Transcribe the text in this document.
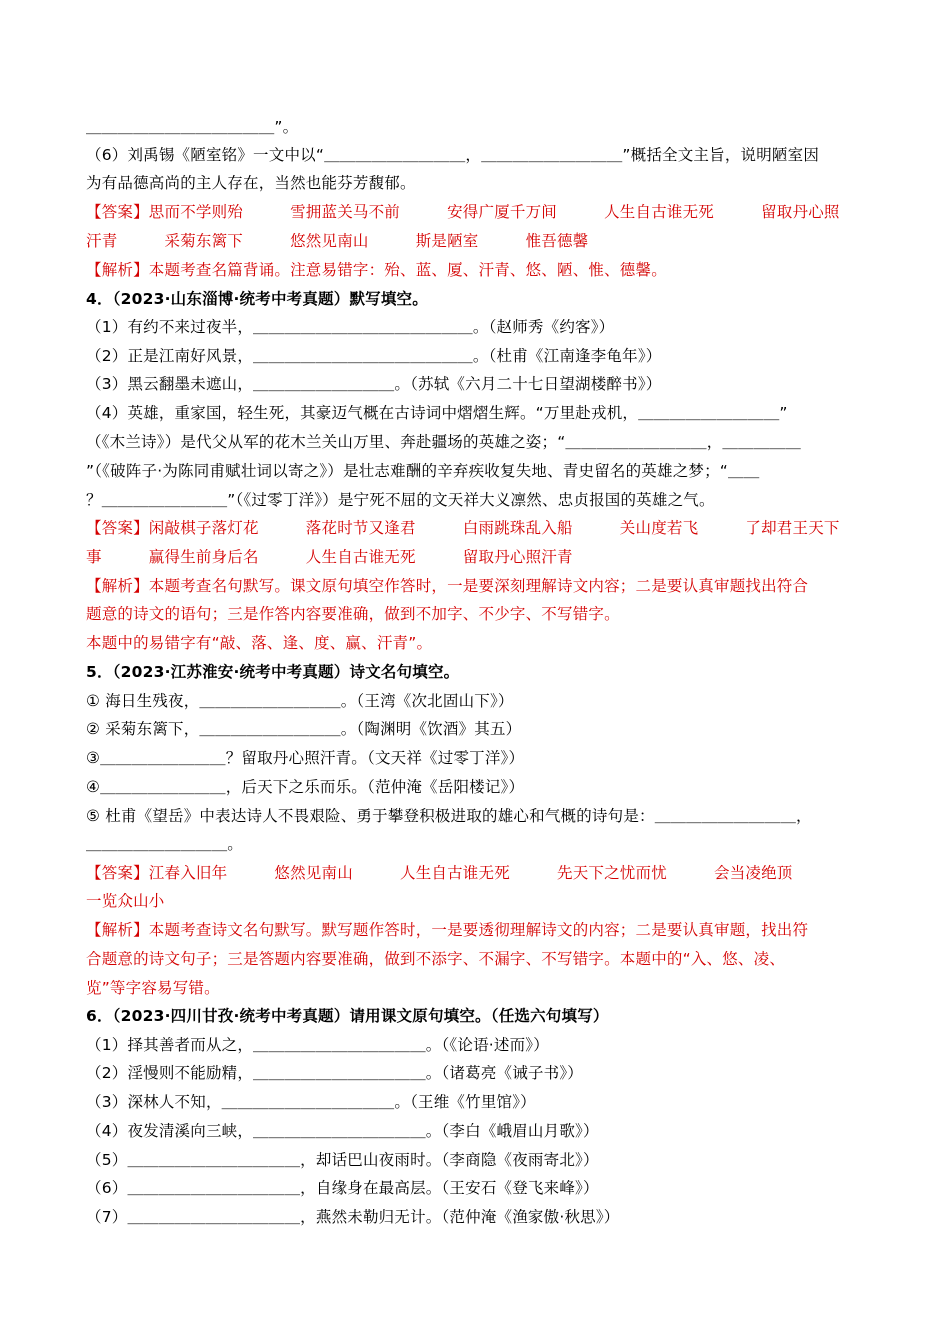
＿＿＿＿＿＿＿＿＿＿＿＿”。
（6）刘禹锡《陋室铭》一文中以“＿＿＿＿＿＿＿＿＿，＿＿＿＿＿＿＿＿＿”概括全文主旨，说明陋室因
为有品德高尚的主人存在，当然也能芬芳馥郁。
【答案】思而不学则殆　　　雪拥蓝关马不前　　　安得广厦千万间　　　人生自古谁无死　　　留取丹心照
汗青　　　采菊东篱下　　　悠然见南山　　　斯是陋室　　　惟吾德馨
【解析】本题考查名篇背诵。注意易错字：殆、蓝、厦、汗青、悠、陋、惟、德馨。
4．（2023·山东淄博·统考中考真题）默写填空。
（1）有约不来过夜半，＿＿＿＿＿＿＿＿＿＿＿＿＿＿。（赵师秀《约客》）
（2）正是江南好风景，＿＿＿＿＿＿＿＿＿＿＿＿＿＿。（杜甫《江南逢李龟年》）
（3）黑云翻墨未遮山，＿＿＿＿＿＿＿＿＿。（苏轼《六月二十七日望湖楼醉书》）
（4）英雄，重家国，轻生死，其豪迈气概在古诗词中熠熠生辉。“万里赴戎机，＿＿＿＿＿＿＿＿＿”
（《木兰诗》）是代父从军的花木兰关山万里、奔赴疆场的英雄之姿；“＿＿＿＿＿＿＿＿＿，＿＿＿＿＿
”（《破阵子·为陈同甫赋壮词以寄之》）是壮志难酬的辛弃疾收复失地、青史留名的英雄之梦；“＿＿
？＿＿＿＿＿＿＿＿”（《过零丁洋》）是宁死不屈的文天祥大义凛然、忠贞报国的英雄之气。
【答案】闲敲棋子落灯花　　　落花时节又逢君　　　白雨跳珠乱入船　　　关山度若飞　　　了却君王天下
事　　　赢得生前身后名　　　人生自古谁无死　　　留取丹心照汗青
【解析】本题考查名句默写。课文原句填空作答时，一是要深刻理解诗文内容；二是要认真审题找出符合
题意的诗文的语句；三是作答内容要准确，做到不加字、不少字、不写错字。
本题中的易错字有“敲、落、逢、度、赢、汗青”。
5．（2023·江苏淮安·统考中考真题）诗文名句填空。
① 海日生残夜，＿＿＿＿＿＿＿＿＿。（王湾《次北固山下》）
② 采菊东篱下，＿＿＿＿＿＿＿＿＿。（陶渊明《饮酒》其五）
③＿＿＿＿＿＿＿＿？留取丹心照汗青。（文天祥《过零丁洋》）
④＿＿＿＿＿＿＿＿，后天下之乐而乐。（范仲淹《岳阳楼记》）
⑤ 杜甫《望岳》中表达诗人不畏艰险、勇于攀登积极进取的雄心和气概的诗句是：＿＿＿＿＿＿＿＿＿，
＿＿＿＿＿＿＿＿＿。
【答案】江春入旧年　　　悠然见南山　　　人生自古谁无死　　　先天下之忧而忧　　　会当凌绝顶
一览众山小
【解析】本题考查诗文名句默写。默写题作答时，一是要透彻理解诗文的内容；二是要认真审题，找出符
合题意的诗文句子；三是答题内容要准确，做到不添字、不漏字、不写错字。本题中的“入、悠、凌、
览”等字容易写错。
6．（2023·四川甘孜·统考中考真题）请用课文原句填空。（任选六句填写）
（1）择其善者而从之，＿＿＿＿＿＿＿＿＿＿＿。（《论语·述而》）
（2）淫慢则不能励精，＿＿＿＿＿＿＿＿＿＿＿。（诸葛亮《诫子书》）
（3）深林人不知，＿＿＿＿＿＿＿＿＿＿＿。（王维《竹里馆》）
（4）夜发清溪向三峡，＿＿＿＿＿＿＿＿＿＿＿。（李白《峨眉山月歌》）
（5）＿＿＿＿＿＿＿＿＿＿＿，却话巴山夜雨时。（李商隐《夜雨寄北》）
（6）＿＿＿＿＿＿＿＿＿＿＿，自缘身在最高层。（王安石《登飞来峰》）
（7）＿＿＿＿＿＿＿＿＿＿＿，燕然未勒归无计。（范仲淹《渔家傲·秋思》）
